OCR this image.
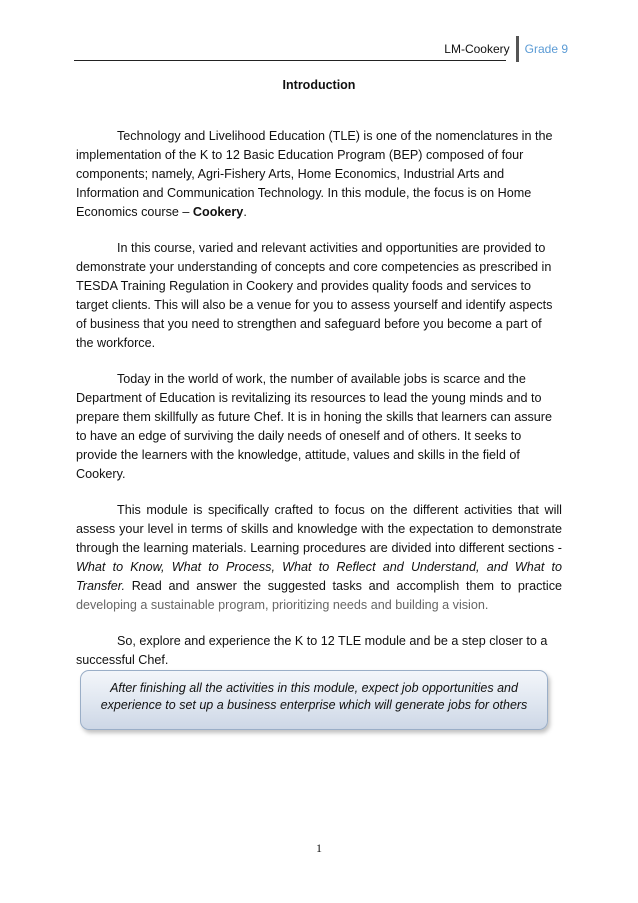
LM-Cookery	Grade 9
Introduction

Technology and Livelihood Education (TLE) is one of the nomenclatures in the implementation of the K to 12 Basic Education Program (BEP) composed of four components; namely, Agri-Fishery Arts, Home Economics, Industrial Arts and Information and Communication Technology. In this module, the focus is on Home Economics course – Cookery.

In this course, varied and relevant activities and opportunities are provided to demonstrate your understanding of concepts and core competencies as prescribed in TESDA Training Regulation in Cookery and provides quality foods and services to target clients. This will also be a venue for you to assess yourself and identify aspects of business that you need to strengthen and safeguard before you become a part of the workforce.

Today in the world of work, the number of available jobs is scarce and the Department of Education is revitalizing its resources to lead the young minds and to prepare them skillfully as future Chef. It is in honing the skills that learners can assure to have an edge of surviving the daily needs of oneself and of others. It seeks to provide the learners with the knowledge, attitude, values and skills in the field of Cookery.

This module is specifically crafted to focus on the different activities that will assess your level in terms of skills and knowledge with the expectation to demonstrate through the learning materials. Learning procedures are divided into different sections - What to Know, What to Process, What to Reflect and Understand, and What to Transfer. Read and answer the suggested tasks and accomplish them to practice developing a sustainable program, prioritizing needs and building a vision.

So, explore and experience the K to 12 TLE module and be a step closer to a successful Chef.

After finishing all the activities in this module, expect job opportunities and experience to set up a business enterprise which will generate jobs for others
1
